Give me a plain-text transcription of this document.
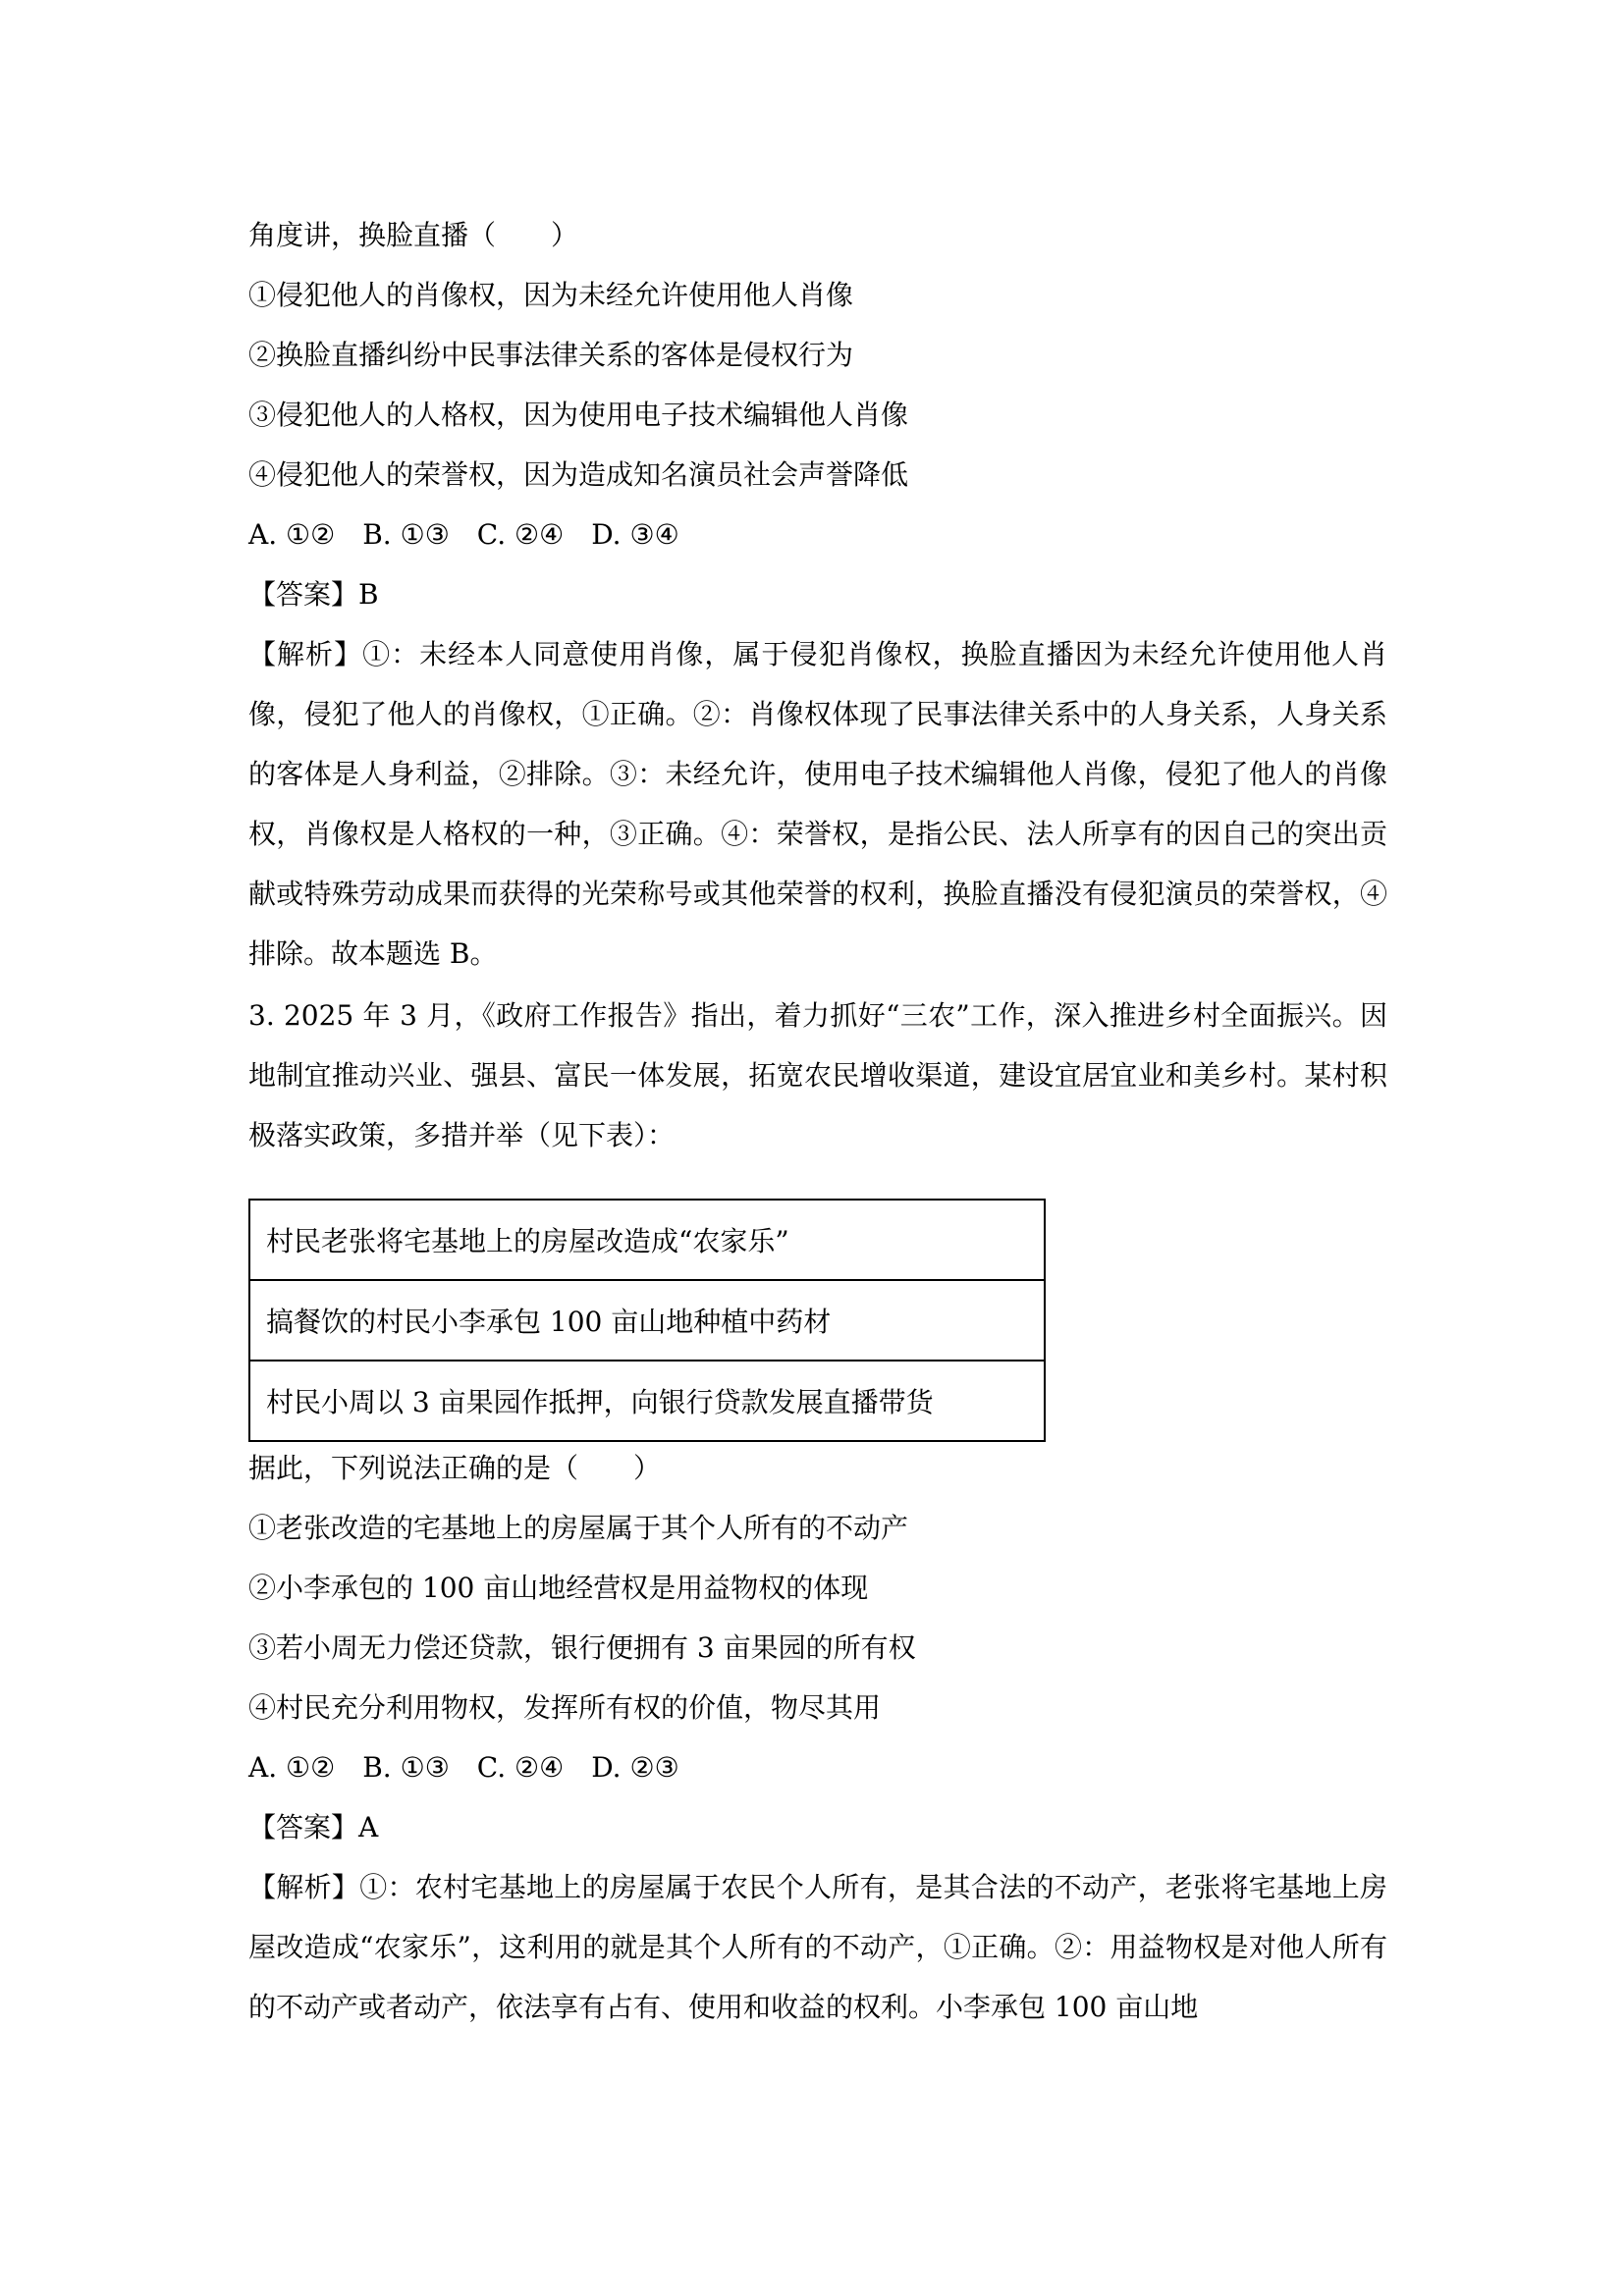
角度讲，换脸直播（　　）
①侵犯他人的肖像权，因为未经允许使用他人肖像
②换脸直播纠纷中民事法律关系的客体是侵权行为
③侵犯他人的人格权，因为使用电子技术编辑他人肖像
④侵犯他人的荣誉权，因为造成知名演员社会声誉降低
A. ①②　B. ①③　C. ②④　D. ③④
【答案】B
【解析】①：未经本人同意使用肖像，属于侵犯肖像权，换脸直播因为未经允许使用他人肖像，侵犯了他人的肖像权，①正确。②：肖像权体现了民事法律关系中的人身关系，人身关系的客体是人身利益，②排除。③：未经允许，使用电子技术编辑他人肖像，侵犯了他人的肖像权，肖像权是人格权的一种，③正确。④：荣誉权，是指公民、法人所享有的因自己的突出贡献或特殊劳动成果而获得的光荣称号或其他荣誉的权利，换脸直播没有侵犯演员的荣誉权，④排除。故本题选 B。
3. 2025 年 3 月，《政府工作报告》指出，着力抓好“三农”工作，深入推进乡村全面振兴。因地制宜推动兴业、强县、富民一体发展，拓宽农民增收渠道，建设宜居宜业和美乡村。某村积极落实政策，多措并举（见下表）：
村民老张将宅基地上的房屋改造成“农家乐”
搞餐饮的村民小李承包 100 亩山地种植中药材
村民小周以 3 亩果园作抵押，向银行贷款发展直播带货
据此，下列说法正确的是（　　）
①老张改造的宅基地上的房屋属于其个人所有的不动产
②小李承包的 100 亩山地经营权是用益物权的体现
③若小周无力偿还贷款，银行便拥有 3 亩果园的所有权
④村民充分利用物权，发挥所有权的价值，物尽其用
A. ①②　B. ①③　C. ②④　D. ②③
【答案】A
【解析】①：农村宅基地上的房屋属于农民个人所有，是其合法的不动产，老张将宅基地上房屋改造成“农家乐”，这利用的就是其个人所有的不动产，①正确。②：用益物权是对他人所有的不动产或者动产，依法享有占有、使用和收益的权利。小李承包 100 亩山地
